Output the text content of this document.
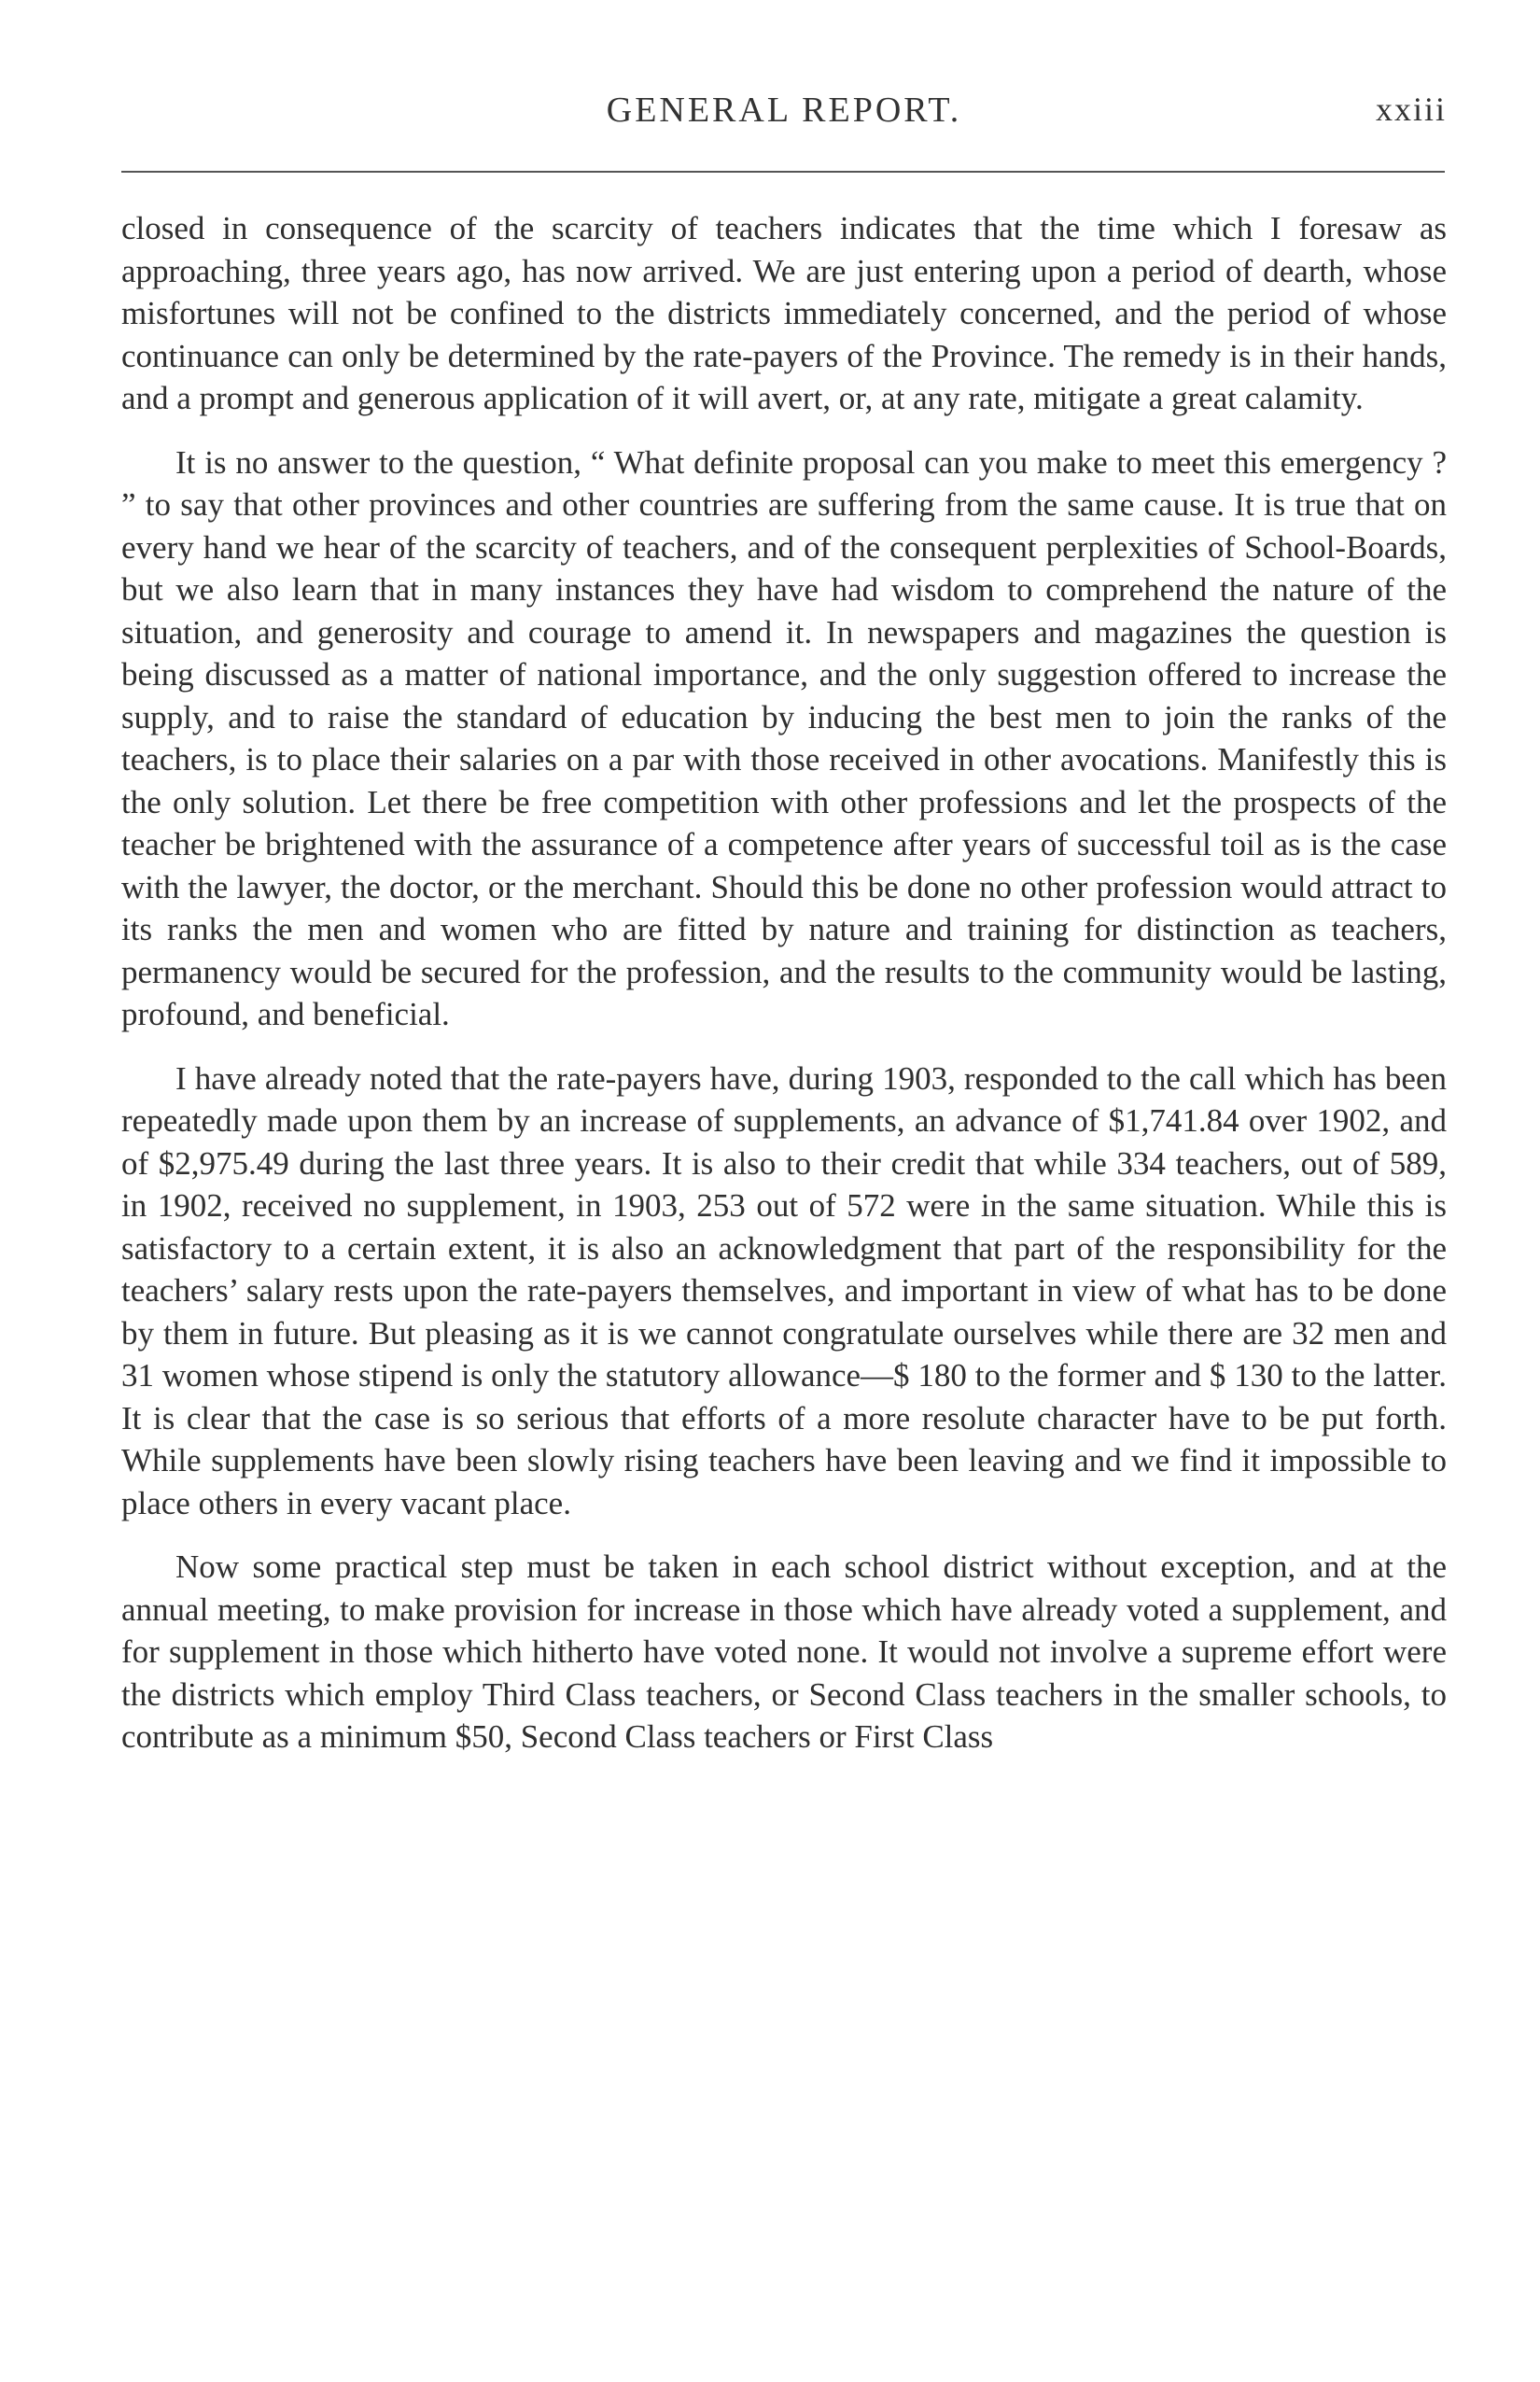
GENERAL REPORT.	xxiii

closed in consequence of the scarcity of teachers indicates that the time which I foresaw as approaching, three years ago, has now arrived. We are just entering upon a period of dearth, whose misfortunes will not be confined to the districts immediately concerned, and the period of whose continuance can only be determined by the rate-payers of the Province. The remedy is in their hands, and a prompt and generous application of it will avert, or, at any rate, mitigate a great calamity.

It is no answer to the question, “ What definite proposal can you make to meet this emergency ? ” to say that other provinces and other countries are suffering from the same cause. It is true that on every hand we hear of the scarcity of teachers, and of the consequent perplexities of School-Boards, but we also learn that in many instances they have had wisdom to comprehend the nature of the situation, and generosity and courage to amend it. In newspapers and magazines the question is being discussed as a matter of national importance, and the only suggestion offered to increase the supply, and to raise the standard of education by inducing the best men to join the ranks of the teachers, is to place their salaries on a par with those received in other avocations. Manifestly this is the only solution. Let there be free competition with other professions and let the prospects of the teacher be brightened with the assurance of a competence after years of successful toil as is the case with the lawyer, the doctor, or the merchant. Should this be done no other profession would attract to its ranks the men and women who are fitted by nature and training for distinction as teachers, permanency would be secured for the profession, and the results to the community would be lasting, profound, and beneficial.

I have already noted that the rate-payers have, during 1903, responded to the call which has been repeatedly made upon them by an increase of supplements, an advance of $1,741.84 over 1902, and of $2,975.49 during the last three years. It is also to their credit that while 334 teachers, out of 589, in 1902, received no supplement, in 1903, 253 out of 572 were in the same situation. While this is satisfactory to a certain extent, it is also an acknowledgment that part of the responsibility for the teachers’ salary rests upon the rate-payers themselves, and important in view of what has to be done by them in future. But pleasing as it is we cannot congratulate ourselves while there are 32 men and 31 women whose stipend is only the statutory allowance—$ 180 to the former and $ 130 to the latter. It is clear that the case is so serious that efforts of a more resolute character have to be put forth. While supplements have been slowly rising teachers have been leaving and we find it impossible to place others in every vacant place.

Now some practical step must be taken in each school district without exception, and at the annual meeting, to make provision for increase in those which have already voted a supplement, and for supplement in those which hitherto have voted none. It would not involve a supreme effort were the districts which employ Third Class teachers, or Second Class teachers in the smaller schools, to contribute as a minimum $50, Second Class teachers or First Class
